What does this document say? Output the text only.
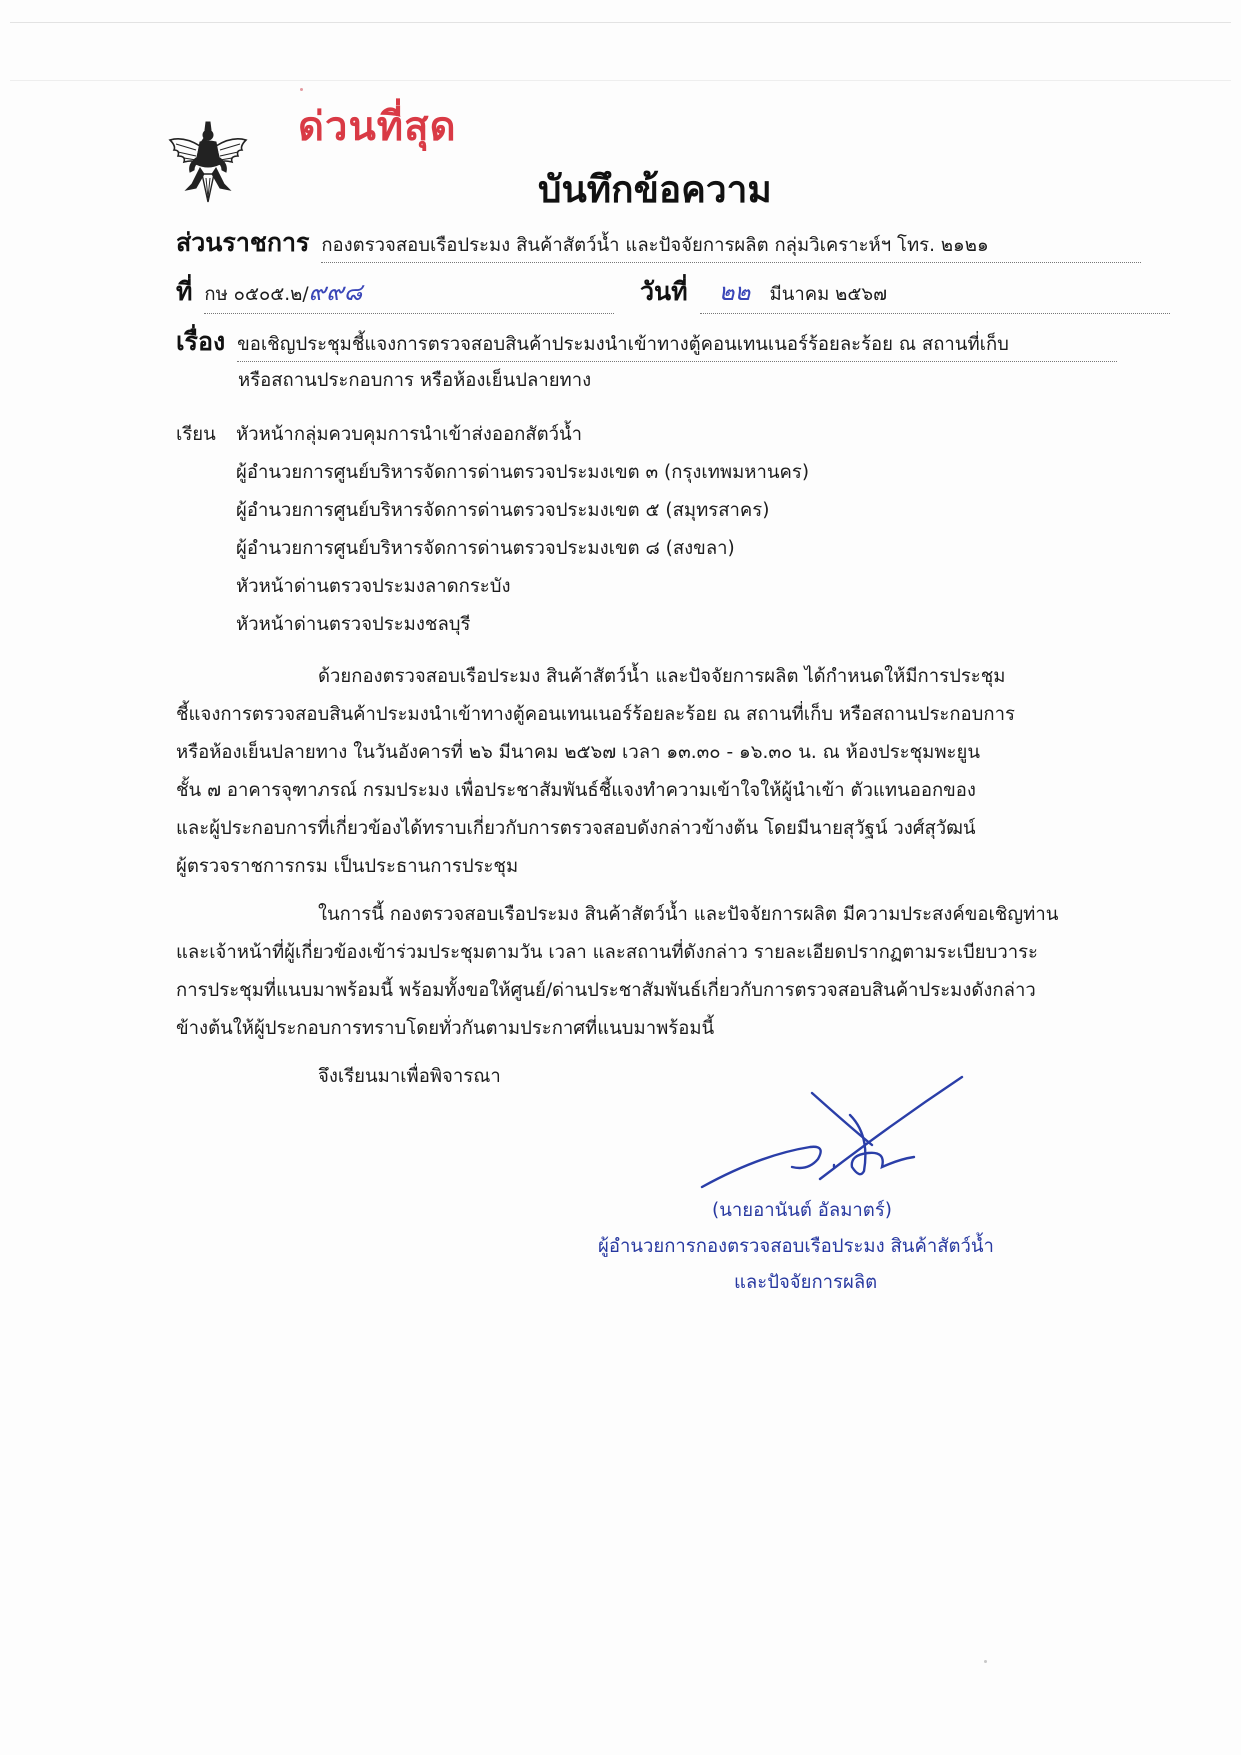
ด่วนที่สุด
บันทึกข้อความ
ส่วนราชการ กองตรวจสอบเรือประมง สินค้าสัตว์น้ำ และปัจจัยการผลิต กลุ่มวิเคราะห์ฯ โทร. ๒๑๒๑
ที่ กษ ๐๕๐๕.๒/๙๙๘	วันที่ ๒๒ มีนาคม ๒๕๖๗
เรื่อง ขอเชิญประชุมชี้แจงการตรวจสอบสินค้าประมงนำเข้าทางตู้คอนเทนเนอร์ร้อยละร้อย ณ สถานที่เก็บ
หรือสถานประกอบการ หรือห้องเย็นปลายทาง
เรียน หัวหน้ากลุ่มควบคุมการนำเข้าส่งออกสัตว์น้ำ
ผู้อำนวยการศูนย์บริหารจัดการด่านตรวจประมงเขต ๓ (กรุงเทพมหานคร)
ผู้อำนวยการศูนย์บริหารจัดการด่านตรวจประมงเขต ๕ (สมุทรสาคร)
ผู้อำนวยการศูนย์บริหารจัดการด่านตรวจประมงเขต ๘ (สงขลา)
หัวหน้าด่านตรวจประมงลาดกระบัง
หัวหน้าด่านตรวจประมงชลบุรี
ด้วยกองตรวจสอบเรือประมง สินค้าสัตว์น้ำ และปัจจัยการผลิต ได้กำหนดให้มีการประชุม
ชี้แจงการตรวจสอบสินค้าประมงนำเข้าทางตู้คอนเทนเนอร์ร้อยละร้อย ณ สถานที่เก็บ หรือสถานประกอบการ
หรือห้องเย็นปลายทาง ในวันอังคารที่ ๒๖ มีนาคม ๒๕๖๗ เวลา ๑๓.๓๐ - ๑๖.๓๐ น. ณ ห้องประชุมพะยูน
ชั้น ๗ อาคารจุฑาภรณ์ กรมประมง เพื่อประชาสัมพันธ์ชี้แจงทำความเข้าใจให้ผู้นำเข้า ตัวแทนออกของ
และผู้ประกอบการที่เกี่ยวข้องได้ทราบเกี่ยวกับการตรวจสอบดังกล่าวข้างต้น โดยมีนายสุวัฐน์ วงศ์สุวัฒน์
ผู้ตรวจราชการกรม เป็นประธานการประชุม
ในการนี้ กองตรวจสอบเรือประมง สินค้าสัตว์น้ำ และปัจจัยการผลิต มีความประสงค์ขอเชิญท่าน
และเจ้าหน้าที่ผู้เกี่ยวข้องเข้าร่วมประชุมตามวัน เวลา และสถานที่ดังกล่าว รายละเอียดปรากฏตามระเบียบวาระ
การประชุมที่แนบมาพร้อมนี้ พร้อมทั้งขอให้ศูนย์/ด่านประชาสัมพันธ์เกี่ยวกับการตรวจสอบสินค้าประมงดังกล่าว
ข้างต้นให้ผู้ประกอบการทราบโดยทั่วกันตามประกาศที่แนบมาพร้อมนี้
จึงเรียนมาเพื่อพิจารณา
(นายอานันต์ อัลมาตร์)
ผู้อำนวยการกองตรวจสอบเรือประมง สินค้าสัตว์น้ำ
และปัจจัยการผลิต
